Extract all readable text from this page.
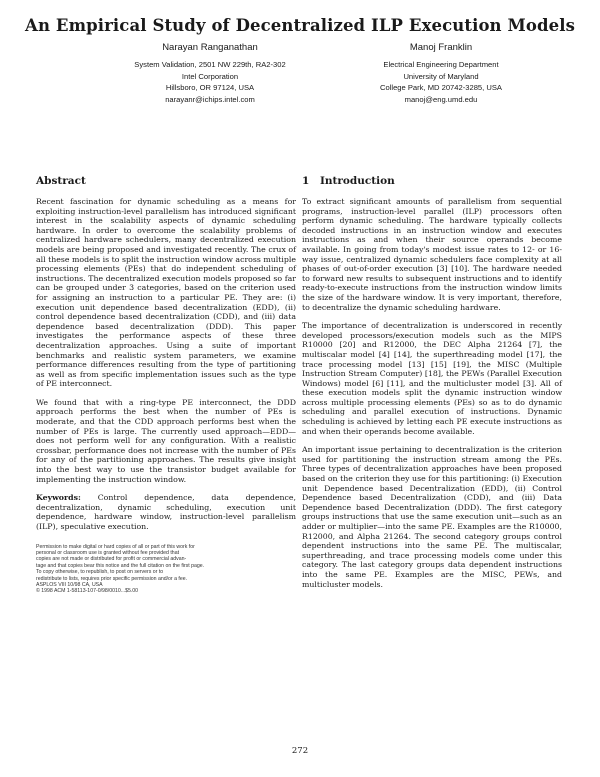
An Empirical Study of Decentralized ILP Execution Models
Narayan Ranganathan
System Validation, 2501 NW 229th, RA2-302
Intel Corporation
Hillsboro, OR 97124, USA
narayanr@ichips.intel.com
Manoj Franklin
Electrical Engineering Department
University of Maryland
College Park, MD 20742-3285, USA
manoj@eng.umd.edu
Abstract

Recent fascination for dynamic scheduling as a means for exploiting instruction-level parallelism has introduced significant interest in the scalability aspects of dynamic scheduling hardware. In order to overcome the scalability problems of centralized hardware schedulers, many decentralized execution models are being proposed and investigated recently. The crux of all these models is to split the instruction window across multiple processing elements (PEs) that do independent scheduling of instructions. The decentralized execution models proposed so far can be grouped under 3 categories, based on the criterion used for assigning an instruction to a particular PE. They are: (i) execution unit dependence based decentralization (EDD), (ii) control dependence based decentralization (CDD), and (iii) data dependence based decentralization (DDD). This paper investigates the performance aspects of these three decentralization approaches. Using a suite of important benchmarks and realistic system parameters, we examine performance differences resulting from the type of partitioning as well as from specific implementation issues such as the type of PE interconnect.

We found that with a ring-type PE interconnect, the DDD approach performs the best when the number of PEs is moderate, and that the CDD approach performs best when the number of PEs is large. The currently used approach—EDD—does not perform well for any configuration. With a realistic crossbar, performance does not increase with the number of PEs for any of the partitioning approaches. The results give insight into the best way to use the transistor budget available for implementing the instruction window.

Keywords: Control dependence, data dependence, decentralization, dynamic scheduling, execution unit dependence, hardware window, instruction-level parallelism (ILP), speculative execution.

Permission to make digital or hard copies of all or part of this work for
personal or classroom use is granted without fee provided that
copies are not made or distributed for profit or commercial advan-
tage and that copies bear this notice and the full citation on the first page.
To copy otherwise, to republish, to post on servers or to
redistribute to lists, requires prior specific permission and/or a fee.
ASPLOS VIII 10/98 CA, USA
© 1998 ACM 1-58113-107-0/98/0010...$5.00
1 Introduction

To extract significant amounts of parallelism from sequential programs, instruction-level parallel (ILP) processors often perform dynamic scheduling. The hardware typically collects decoded instructions in an instruction window and executes instructions as and when their source operands become available. In going from today's modest issue rates to 12- or 16-way issue, centralized dynamic schedulers face complexity at all phases of out-of-order execution [3] [10]. The hardware needed to forward new results to subsequent instructions and to identify ready-to-execute instructions from the instruction window limits the size of the hardware window. It is very important, therefore, to decentralize the dynamic scheduling hardware.

The importance of decentralization is underscored in recently developed processors/execution models such as the MIPS R10000 [20] and R12000, the DEC Alpha 21264 [7], the multiscalar model [4] [14], the superthreading model [17], the trace processing model [13] [15] [19], the MISC (Multiple Instruction Stream Computer) [18], the PEWs (Parallel Execution Windows) model [6] [11], and the multicluster model [3]. All of these execution models split the dynamic instruction window across multiple processing elements (PEs) so as to do dynamic scheduling and parallel execution of instructions. Dynamic scheduling is achieved by letting each PE execute instructions as and when their operands become available.

An important issue pertaining to decentralization is the criterion used for partitioning the instruction stream among the PEs. Three types of decentralization approaches have been proposed based on the criterion they use for this partitioning: (i) Execution unit Dependence based Decentralization (EDD), (ii) Control Dependence based Decentralization (CDD), and (iii) Data Dependence based Decentralization (DDD). The first category groups instructions that use the same execution unit—such as an adder or multiplier—into the same PE. Examples are the R10000, R12000, and Alpha 21264. The second category groups control dependent instructions into the same PE. The multiscalar, superthreading, and trace processing models come under this category. The last category groups data dependent instructions into the same PE. Examples are the MISC, PEWs, and multicluster models.

272
